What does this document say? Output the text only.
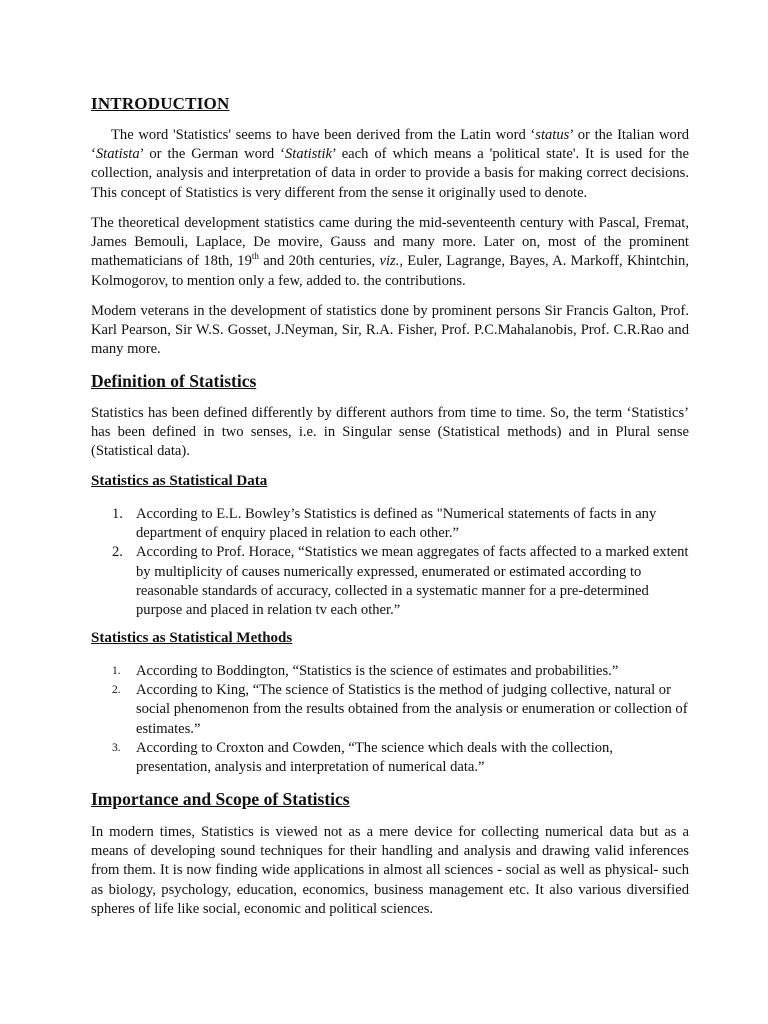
INTRODUCTION

The word 'Statistics' seems to have been derived from the Latin word ‘status’ or the Italian word ‘Statista’ or the German word ‘Statistik’ each of which means a 'political state'. It is used for the collection, analysis and interpretation of data in order to provide a basis for making correct decisions. This concept of Statistics is very different from the sense it originally used to denote.

The theoretical development statistics came during the mid-seventeenth century with Pascal, Fremat, James Bemouli, Laplace, De movire, Gauss and many more. Later on, most of the prominent mathematicians of 18th, 19th and 20th centuries, viz., Euler, Lagrange, Bayes, A. Markoff, Khintchin, Kolmogorov, to mention only a few, added to. the contributions.

Modem veterans in the development of statistics done by prominent persons Sir Francis Galton, Prof. Karl Pearson, Sir W.S. Gosset, J.Neyman, Sir, R.A. Fisher, Prof. P.C.Mahalanobis, Prof. C.R.Rao and many more.

Definition of Statistics

Statistics has been defined differently by different authors from time to time. So, the term ‘Statistics’ has been defined in two senses, i.e. in Singular sense (Statistical methods) and in Plural sense (Statistical data).

Statistics as Statistical Data
1. According to E.L. Bowley’s Statistics is defined as "Numerical statements of facts in any department of enquiry placed in relation to each other.”
2. According to Prof. Horace, “Statistics we mean aggregates of facts affected to a marked extent by multiplicity of causes numerically expressed, enumerated or estimated according to reasonable standards of accuracy, collected in a systematic manner for a pre-determined purpose and placed in relation tv each other.”
Statistics as Statistical Methods
1. According to Boddington, “Statistics is the science of estimates and probabilities.”
2. According to King, “The science of Statistics is the method of judging collective, natural or social phenomenon from the results obtained from the analysis or enumeration or collection of estimates.”
3. According to Croxton and Cowden, “The science which deals with the collection, presentation, analysis and interpretation of numerical data.”
Importance and Scope of Statistics

In modern times, Statistics is viewed not as a mere device for collecting numerical data but as a means of developing sound techniques for their handling and analysis and drawing valid inferences from them. It is now finding wide applications in almost all sciences - social as well as physical- such as biology, psychology, education, economics, business management etc. It also various diversified spheres of life like social, economic and political sciences.
